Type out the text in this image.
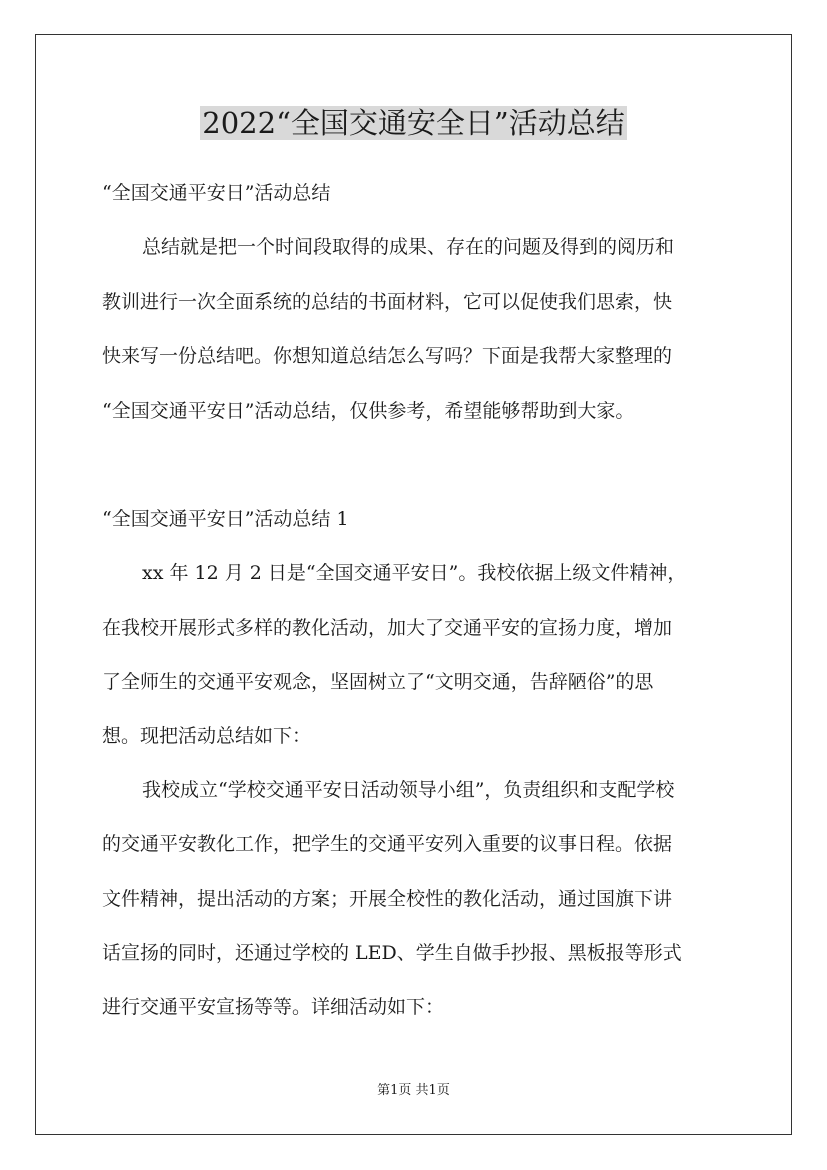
2022“全国交通安全日”活动总结
“全国交通平安日”活动总结
总结就是把一个时间段取得的成果、存在的问题及得到的阅历和
教训进行一次全面系统的总结的书面材料，它可以促使我们思索，快
快来写一份总结吧。你想知道总结怎么写吗？下面是我帮大家整理的
“全国交通平安日”活动总结，仅供参考，希望能够帮助到大家。
“全国交通平安日”活动总结 1
xx 年 12 月 2 日是“全国交通平安日”。我校依据上级文件精神，
在我校开展形式多样的教化活动，加大了交通平安的宣扬力度，增加
了全师生的交通平安观念，坚固树立了“文明交通，告辞陋俗”的思
想。现把活动总结如下：
我校成立“学校交通平安日活动领导小组”，负责组织和支配学校
的交通平安教化工作，把学生的交通平安列入重要的议事日程。依据
文件精神，提出活动的方案；开展全校性的教化活动，通过国旗下讲
话宣扬的同时，还通过学校的 LED、学生自做手抄报、黑板报等形式
进行交通平安宣扬等等。详细活动如下：
第1页 共1页
